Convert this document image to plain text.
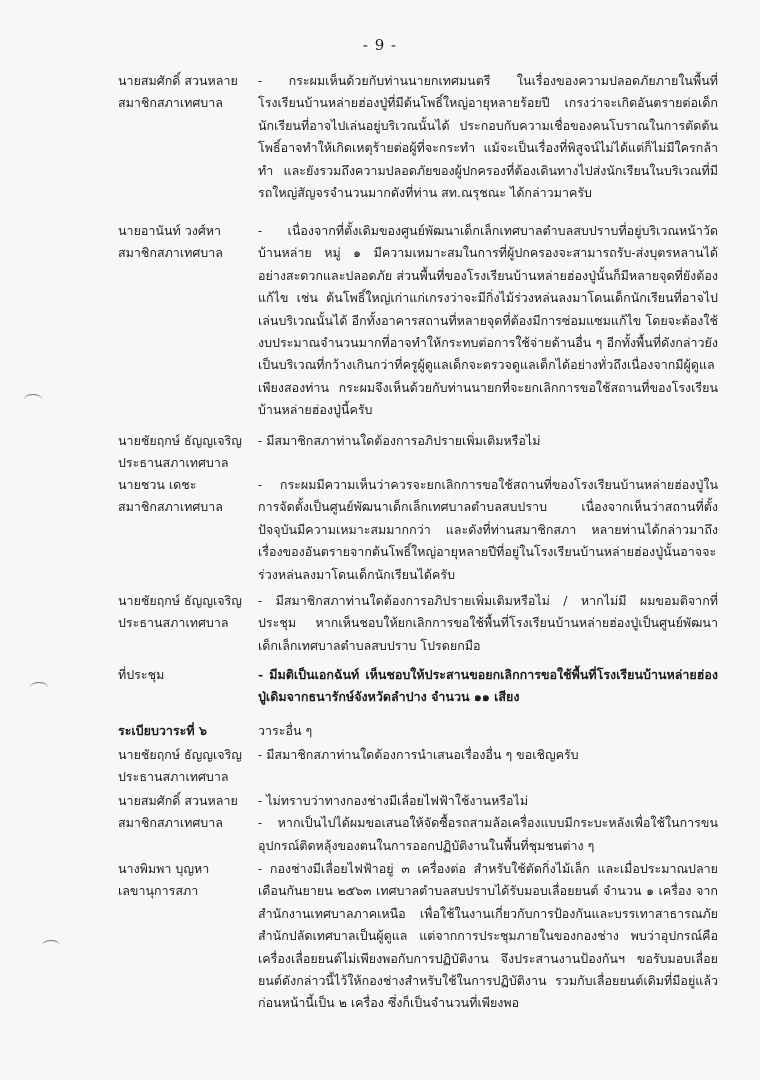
- 9 -
นายสมศักดิ์ สวนหลาย
สมาชิกสภาเทศบาล
- กระผมเห็นด้วยกับท่านนายกเทศมนตรี ในเรื่องของความปลอดภัยภายในพื้นที่โรงเรียนบ้านหล่ายฮ่องปู่ที่มีต้นโพธิ์ใหญ่อายุหลายร้อยปี เกรงว่าจะเกิดอันตรายต่อเด็กนักเรียนที่อาจไปเล่นอยู่บริเวณนั้นได้ ประกอบกับความเชื่อของคนโบราณในการตัดต้นโพธิ์อาจทำให้เกิดเหตุร้ายต่อผู้ที่จะกระทำ แม้จะเป็นเรื่องที่พิสูจน์ไม่ได้แต่ก็ไม่มีใครกล้าทำ และยังรวมถึงความปลอดภัยของผู้ปกครองที่ต้องเดินทางไปส่งนักเรียนในบริเวณที่มีรถใหญ่สัญจรจำนวนมากดังที่ท่าน สท.ณรุชณะ ได้กล่าวมาครับ
นายอานันท์ วงศ์หา
สมาชิกสภาเทศบาล
- เนื่องจากที่ตั้งเดิมของศูนย์พัฒนาเด็กเล็กเทศบาลตำบลสบปราบที่อยู่บริเวณหน้าวัดบ้านหล่าย หมู่ ๑ มีความเหมาะสมในการที่ผู้ปกครองจะสามารถรับ-ส่งบุตรหลานได้อย่างสะดวกและปลอดภัย ส่วนพื้นที่ของโรงเรียนบ้านหล่ายฮ่องปู่นั้นก็มีหลายจุดที่ยังต้องแก้ไข เช่น ต้นโพธิ์ใหญ่เก่าแก่เกรงว่าจะมีกิ่งไม้ร่วงหล่นลงมาโดนเด็กนักเรียนที่อาจไปเล่นบริเวณนั้นได้ อีกทั้งอาคารสถานที่หลายจุดที่ต้องมีการซ่อมแซมแก้ไข โดยจะต้องใช้งบประมาณจำนวนมากที่อาจทำให้กระทบต่อการใช้จ่ายด้านอื่น ๆ อีกทั้งพื้นที่ดังกล่าวยังเป็นบริเวณที่กว้างเกินกว่าที่ครูผู้ดูแลเด็กจะตรวจดูแลเด็กได้อย่างทั่วถึงเนื่องจากมีผู้ดูแลเพียงสองท่าน กระผมจึงเห็นด้วยกับท่านนายกที่จะยกเลิกการขอใช้สถานที่ของโรงเรียนบ้านหล่ายฮ่องปู่นี้ครับ
นายชัยฤกษ์ ธัญญเจริญ
ประธานสภาเทศบาล
- มีสมาชิกสภาท่านใดต้องการอภิปรายเพิ่มเติมหรือไม่
นายชวน เดชะ
สมาชิกสภาเทศบาล
- กระผมมีความเห็นว่าควรจะยกเลิกการขอใช้สถานที่ของโรงเรียนบ้านหล่ายฮ่องปู่ในการจัดตั้งเป็นศูนย์พัฒนาเด็กเล็กเทศบาลตำบลสบปราบ เนื่องจากเห็นว่าสถานที่ตั้งปัจจุบันมีความเหมาะสมมากกว่า และดังที่ท่านสมาชิกสภา หลายท่านได้กล่าวมาถึงเรื่องของอันตรายจากต้นโพธิ์ใหญ่อายุหลายปีที่อยู่ในโรงเรียนบ้านหล่ายฮ่องปู่นั้นอาจจะร่วงหล่นลงมาโดนเด็กนักเรียนได้ครับ
นายชัยฤกษ์ ธัญญเจริญ
ประธานสภาเทศบาล
- มีสมาชิกสภาท่านใดต้องการอภิปรายเพิ่มเติมหรือไม่ / หากไม่มี ผมขอมติจากที่ประชุม หากเห็นชอบให้ยกเลิกการขอใช้พื้นที่โรงเรียนบ้านหล่ายฮ่องปู่เป็นศูนย์พัฒนาเด็กเล็กเทศบาลตำบลสบปราบ โปรดยกมือ
ที่ประชุม	- มีมติเป็นเอกฉันท์ เห็นชอบให้ประสานขอยกเลิกการขอใช้พื้นที่โรงเรียนบ้านหล่ายฮ่องปู่เดิมจากธนารักษ์จังหวัดลำปาง จำนวน ๑๑ เสียง
ระเบียบวาระที่ ๖	วาระอื่น ๆ
นายชัยฤกษ์ ธัญญเจริญ
ประธานสภาเทศบาล
- มีสมาชิกสภาท่านใดต้องการนำเสนอเรื่องอื่น ๆ ขอเชิญครับ
นายสมศักดิ์ สวนหลาย
สมาชิกสภาเทศบาล
- ไม่ทราบว่าทางกองช่างมีเลื่อยไฟฟ้าใช้งานหรือไม่
- หากเป็นไปได้ผมขอเสนอให้จัดซื้อรถสามล้อเครื่องแบบมีกระบะหลังเพื่อใช้ในการขนอุปกรณ์ติดหลุ้งของตนในการออกปฏิบัติงานในพื้นที่ชุมชนต่าง ๆ
นางพิมพา บุญหา
เลขานุการสภา
- กองช่างมีเลื่อยไฟฟ้าอยู่ ๓ เครื่องต่อ สำหรับใช้ตัดกิ่งไม้เล็ก และเมื่อประมาณปลายเดือนกันยายน ๒๕๖๓ เทศบาลตำบลสบปราบได้รับมอบเลื่อยยนต์ จำนวน ๑ เครื่อง จากสำนักงานเทศบาลภาคเหนือ เพื่อใช้ในงานเกี่ยวกับการป้องกันและบรรเทาสาธารณภัย สำนักปลัดเทศบาลเป็นผู้ดูแล แต่จากการประชุมภายในของกองช่าง พบว่าอุปกรณ์คือเครื่องเลื่อยยนต์ไม่เพียงพอกับการปฏิบัติงาน จึงประสานงานป้องกันฯ ขอรับมอบเลื่อยยนต์ดังกล่าวนี้ไว้ให้กองช่างสำหรับใช้ในการปฏิบัติงาน รวมกับเลื่อยยนต์เดิมที่มีอยู่แล้วก่อนหน้านี้เป็น ๒ เครื่อง ซึ่งก็เป็นจำนวนที่เพียงพอ
